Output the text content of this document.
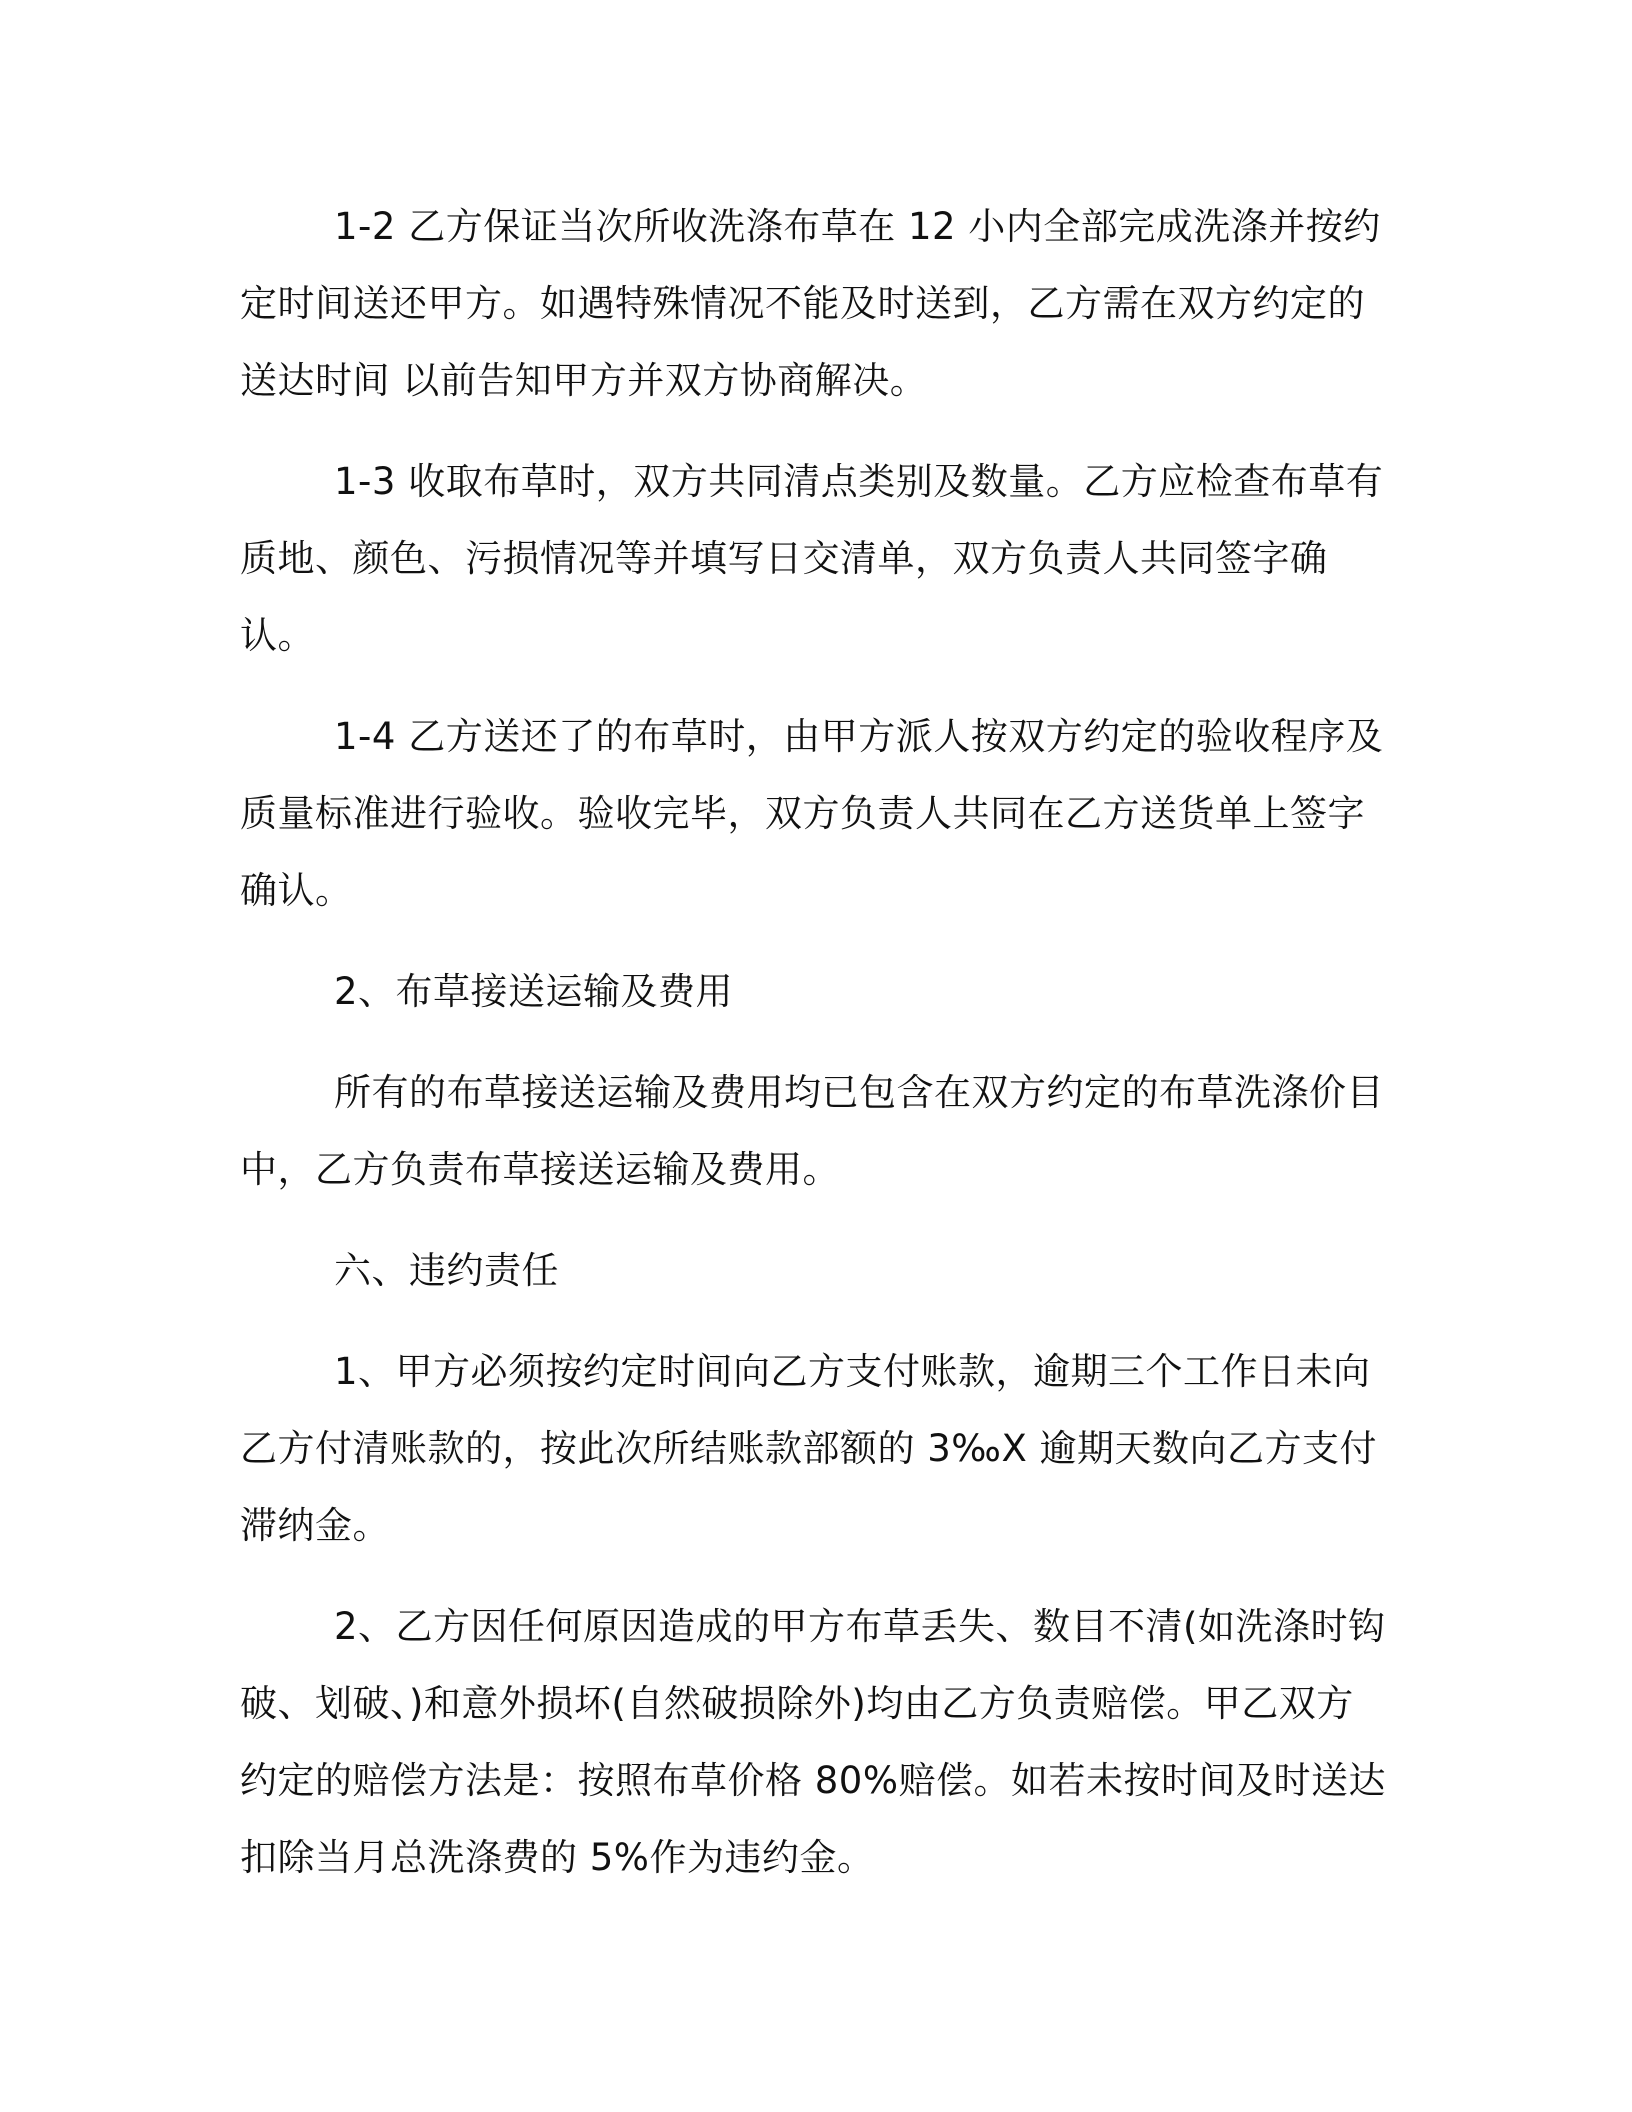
1-2 乙方保证当次所收洗涤布草在 12 小内全部完成洗涤并按约定时间送还甲方。如遇特殊情况不能及时送到，乙方需在双方约定的送达时间 以前告知甲方并双方协商解决。

1-3 收取布草时，双方共同清点类别及数量。乙方应检查布草有质地、颜色、污损情况等并填写日交清单，双方负责人共同签字确认。

1-4 乙方送还了的布草时，由甲方派人按双方约定的验收程序及质量标准进行验收。验收完毕，双方负责人共同在乙方送货单上签字确认。

2、布草接送运输及费用

所有的布草接送运输及费用均已包含在双方约定的布草洗涤价目中，乙方负责布草接送运输及费用。

六、违约责任

1、甲方必须按约定时间向乙方支付账款，逾期三个工作日未向乙方付清账款的，按此次所结账款部额的 3‰X 逾期天数向乙方支付滞纳金。

2、乙方因任何原因造成的甲方布草丢失、数目不清(如洗涤时钩破、划破、)和意外损坏(自然破损除外)均由乙方负责赔偿。甲乙双方约定的赔偿方法是：按照布草价格 80%赔偿。如若未按时间及时送达扣除当月总洗涤费的 5%作为违约金。
